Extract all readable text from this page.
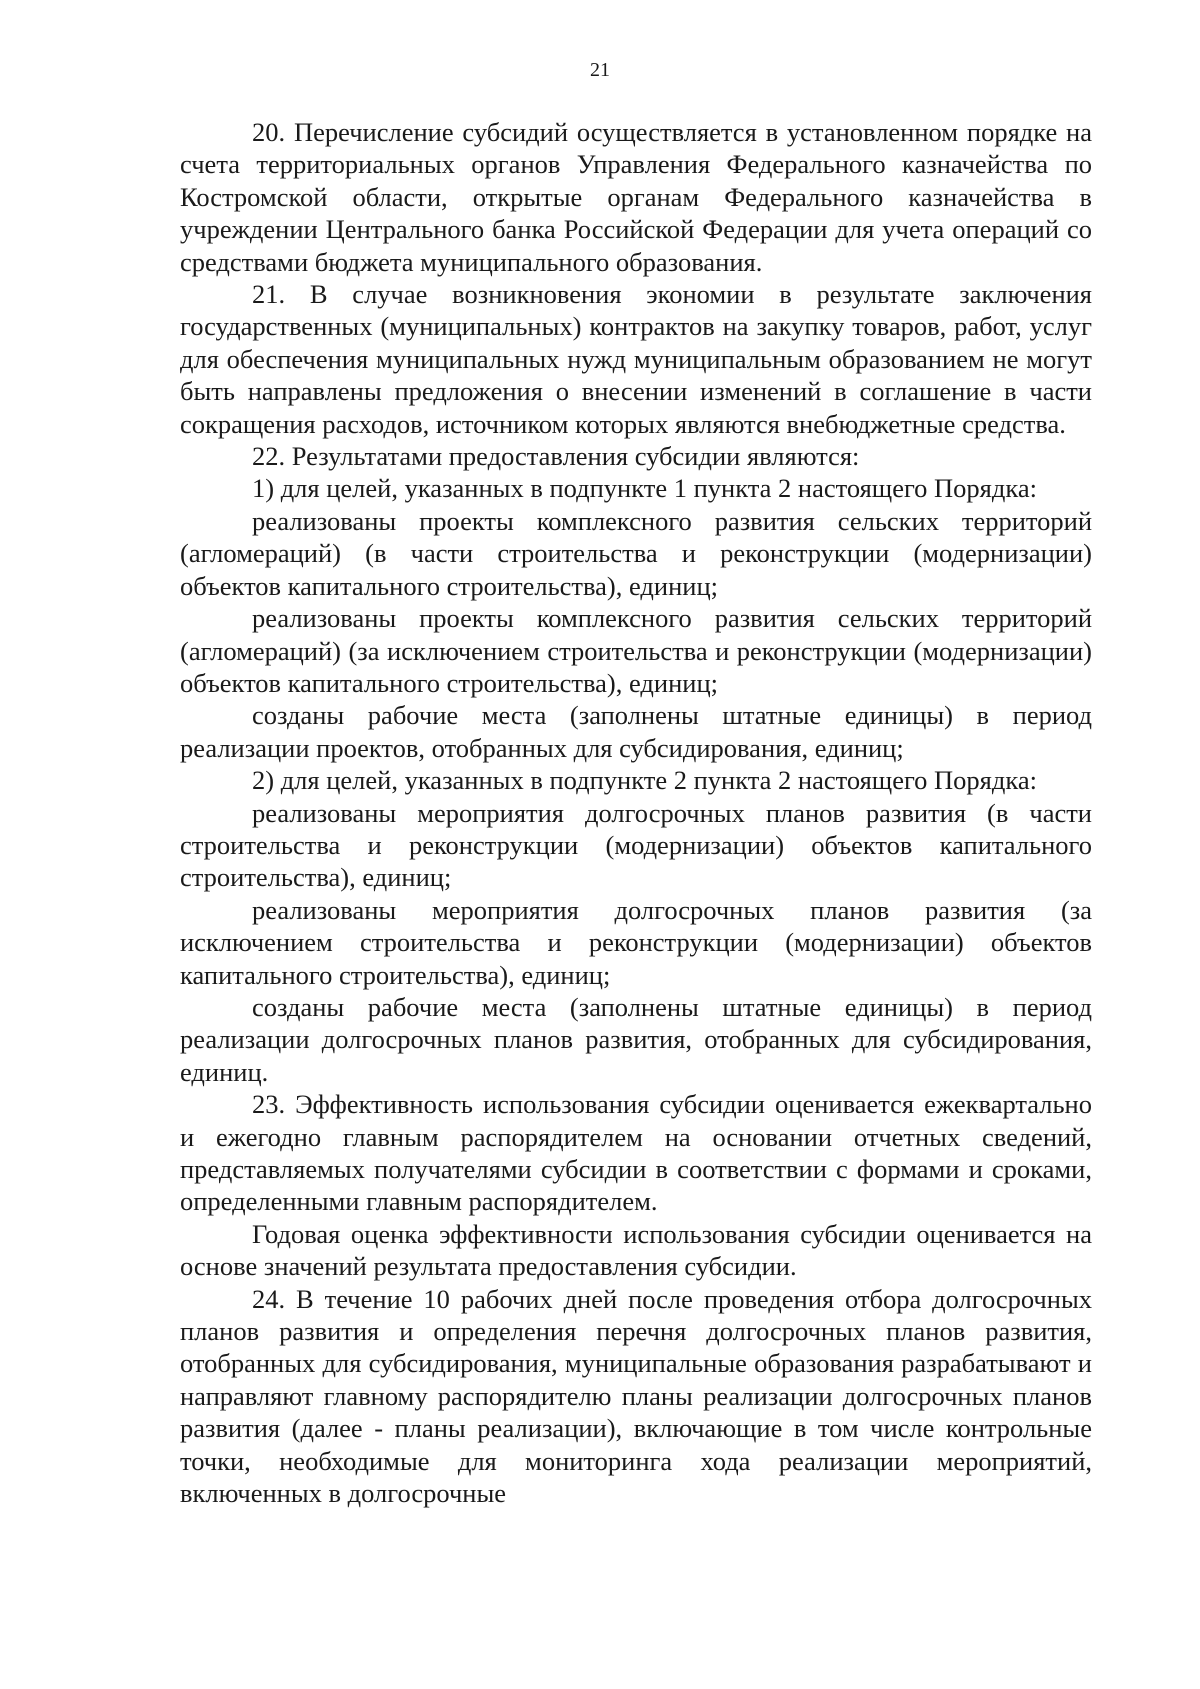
21

20. Перечисление субсидий осуществляется в установленном порядке на счета территориальных органов Управления Федерального казначейства по Костромской области, открытые органам Федерального казначейства в учреждении Центрального банка Российской Федерации для учета операций со средствами бюджета муниципального образования.

21. В случае возникновения экономии в результате заключения государственных (муниципальных) контрактов на закупку товаров, работ, услуг для обеспечения муниципальных нужд муниципальным образованием не могут быть направлены предложения о внесении изменений в соглашение в части сокращения расходов, источником которых являются внебюджетные средства.

22. Результатами предоставления субсидии являются:

1) для целей, указанных в подпункте 1 пункта 2 настоящего Порядка:

реализованы проекты комплексного развития сельских территорий (агломераций) (в части строительства и реконструкции (модернизации) объектов капитального строительства), единиц;

реализованы проекты комплексного развития сельских территорий (агломераций) (за исключением строительства и реконструкции (модернизации) объектов капитального строительства), единиц;

созданы рабочие места (заполнены штатные единицы) в период реализации проектов, отобранных для субсидирования, единиц;

2) для целей, указанных в подпункте 2 пункта 2 настоящего Порядка:

реализованы мероприятия долгосрочных планов развития (в части строительства и реконструкции (модернизации) объектов капитального строительства), единиц;

реализованы мероприятия долгосрочных планов развития (за исключением строительства и реконструкции (модернизации) объектов капитального строительства), единиц;

созданы рабочие места (заполнены штатные единицы) в период реализации долгосрочных планов развития, отобранных для субсидирования, единиц.

23. Эффективность использования субсидии оценивается ежеквартально и ежегодно главным распорядителем на основании отчетных сведений, представляемых получателями субсидии в соответствии с формами и сроками, определенными главным распорядителем.

Годовая оценка эффективности использования субсидии оценивается на основе значений результата предоставления субсидии.

24. В течение 10 рабочих дней после проведения отбора долгосрочных планов развития и определения перечня долгосрочных планов развития, отобранных для субсидирования, муниципальные образования разрабатывают и направляют главному распорядителю планы реализации долгосрочных планов развития (далее - планы реализации), включающие в том числе контрольные точки, необходимые для мониторинга хода реализации мероприятий, включенных в долгосрочные
